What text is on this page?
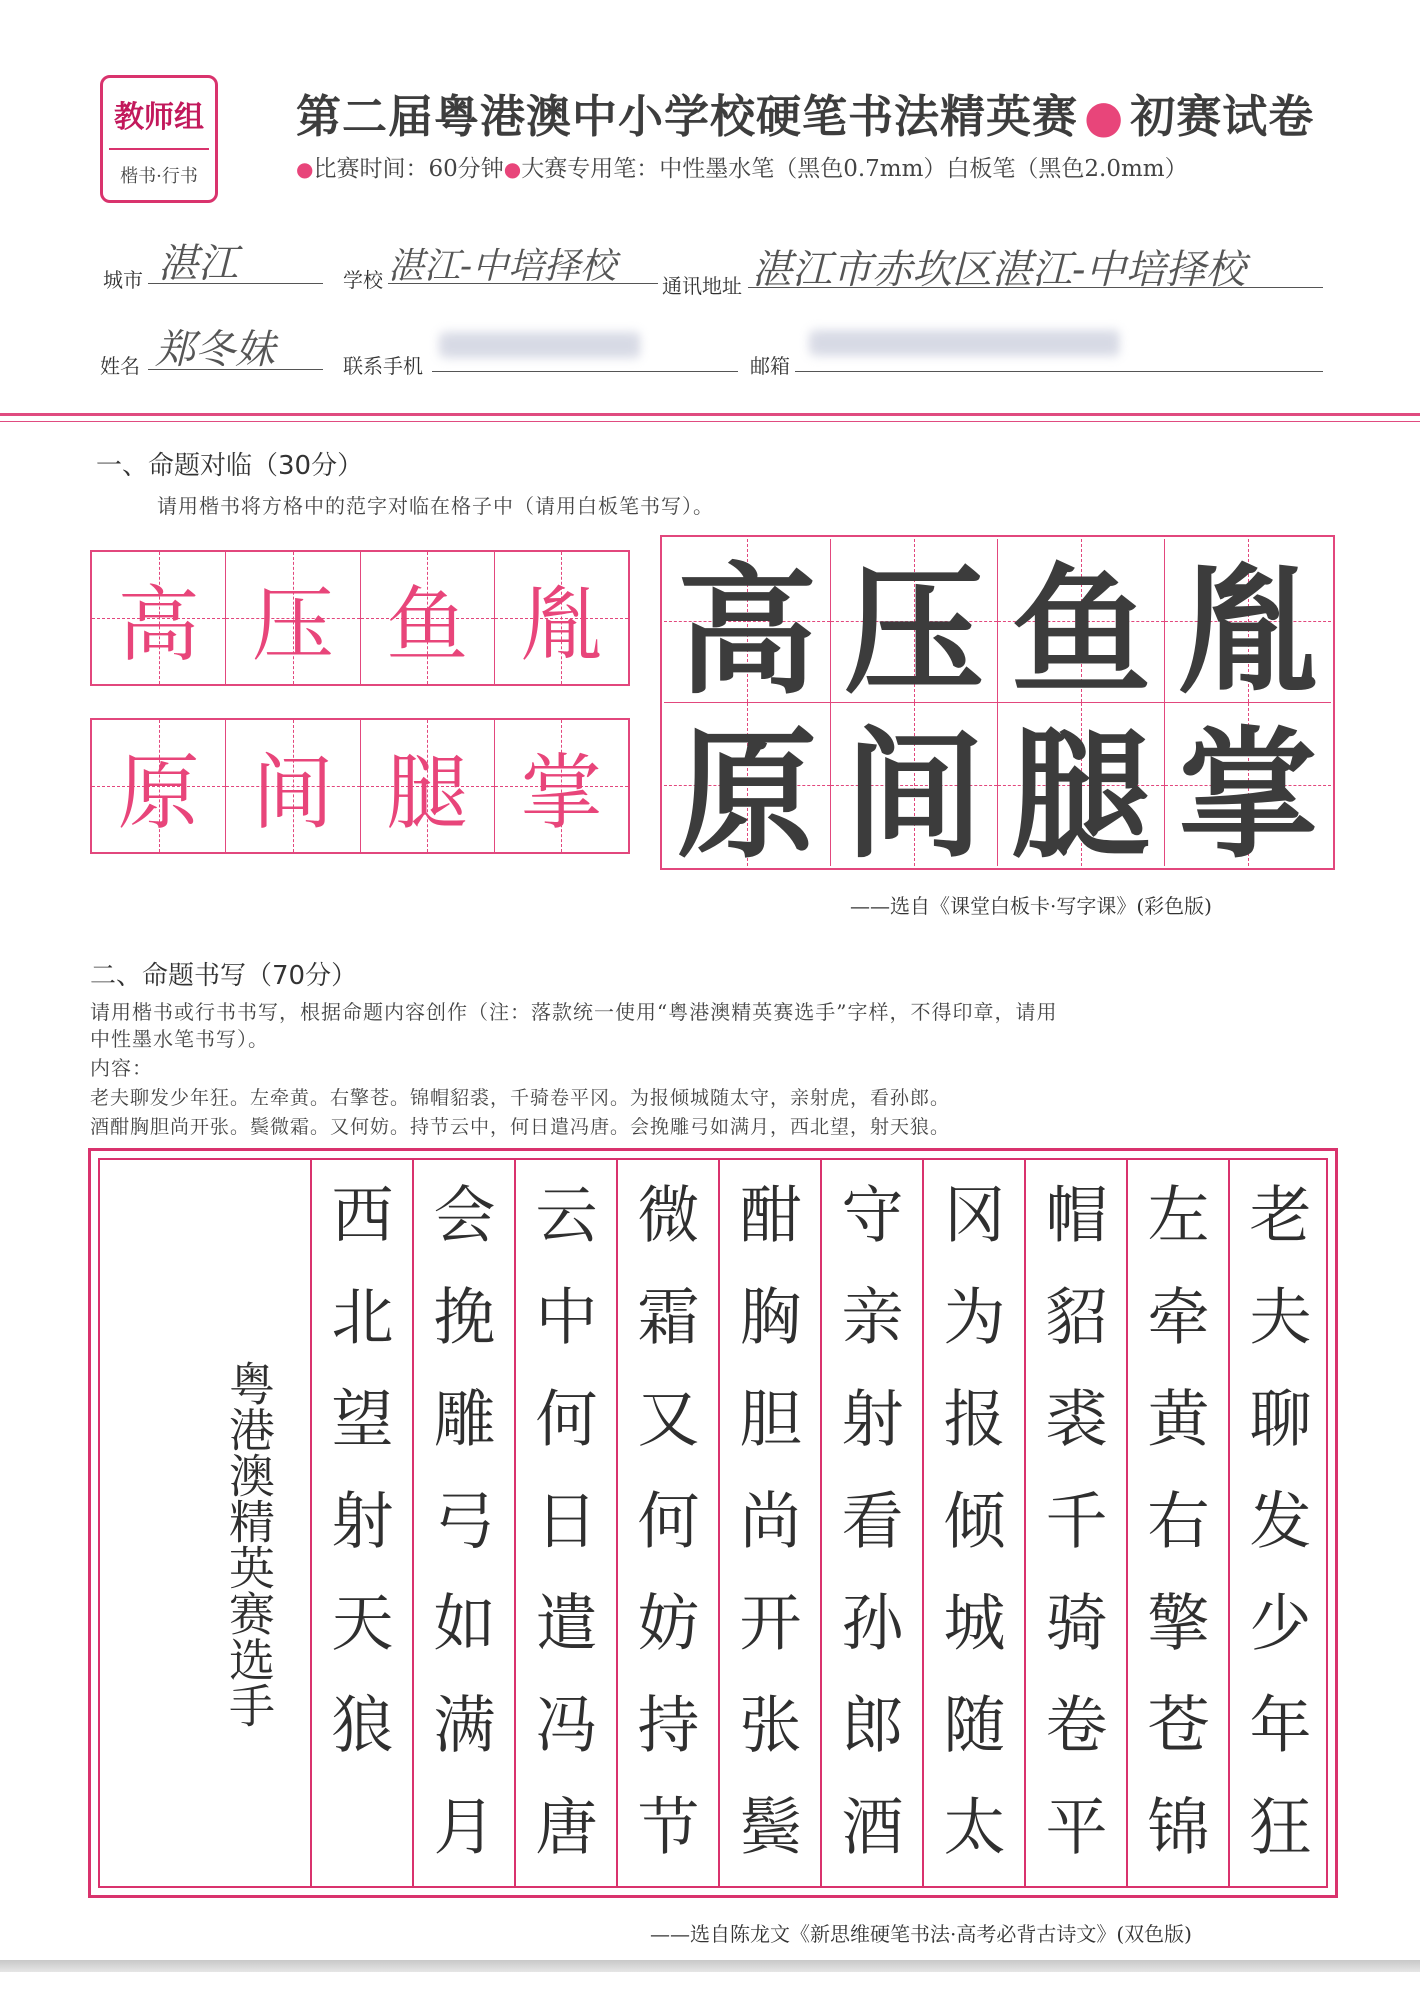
教师组
楷书·行书
第二届粤港澳中小学校硬笔书法精英赛 ● 初赛试卷
●比赛时间：60分钟●大赛专用笔：中性墨水笔（黑色0.7mm）白板笔（黑色2.0mm）
城市 湛江	学校 湛江-中培择校 通讯地址 湛江市赤坎区湛江-中培择校
姓名 郑冬妹	联系手机	邮箱
一、命题对临（30分）
请用楷书将方格中的范字对临在格子中（请用白板笔书写）。
高 压 鱼 胤
原 间 腿 掌
高 压 鱼 胤
原 间 腿 掌
——选自《课堂白板卡·写字课》(彩色版)
二、命题书写（70分）
请用楷书或行书书写，根据命题内容创作（注：落款统一使用“粤港澳精英赛选手”字样，不得印章，请用
中性墨水笔书写）。
内容：
老夫聊发少年狂。左牵黄。右擎苍。锦帽貂裘，千骑卷平冈。为报倾城随太守，亲射虎，看孙郎。
酒酣胸胆尚开张。鬓微霜。又何妨。持节云中，何日遣冯唐。会挽雕弓如满月，西北望，射天狼。
老夫聊发少年狂
左牵黄右擎苍锦
帽貂裘千骑卷平
冈为报倾城随太
守亲射看孙郎酒
酣胸胆尚开张鬓
微霜又何妨持节
云中何日遣冯唐
会挽雕弓如满月
西北望射天狼
粤港澳精英赛选手
——选自陈龙文《新思维硬笔书法·高考必背古诗文》(双色版)
